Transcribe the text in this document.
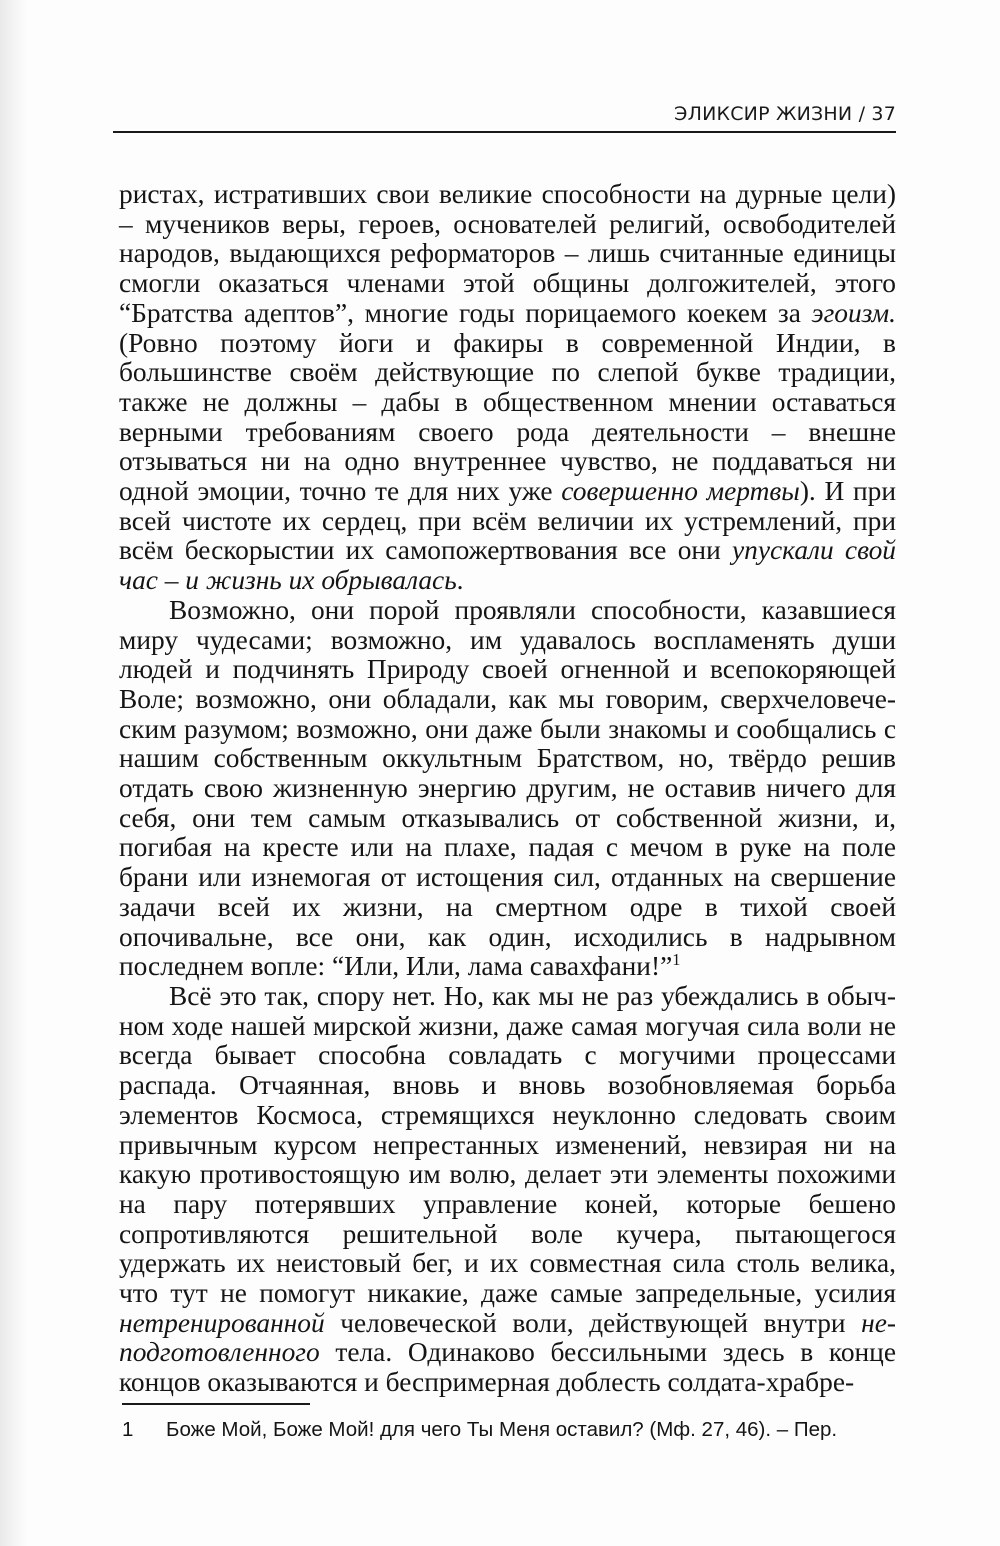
ЭЛИКСИР ЖИЗНИ / 37

ристах, истративших свои великие способности на дурные цели) – мучеников веры, героев, основателей религий, освободителей народов, выдающихся реформаторов – лишь считанные единицы смогли оказаться членами этой общины долгожителей, этого “Братства адептов”, многие годы порицаемого коекем за эгоизм. (Ровно поэтому йоги и факиры в современной Индии, в большинстве своём действующие по слепой букве традиции, также не должны – дабы в общественном мнении оставаться верными требованиям своего рода деятельности – внешне отзываться ни на одно внутреннее чувство, не поддаваться ни одной эмоции, точно те для них уже совершенно мертвы). И при всей чистоте их сердец, при всём величии их устремлений, при всём бескорыстии их самопожертвования все они упускали свой час – и жизнь их обрывалась.

Возможно, они порой проявляли способности, казавшиеся миру чудесами; возможно, им удавалось воспламенять души людей и подчинять Природу своей огненной и всепокоряющей Воле; возможно, они обладали, как мы говорим, сверхчеловеческим разумом; возможно, они даже были знакомы и сообщались с нашим собственным оккультным Братством, но, твёрдо решив отдать свою жизненную энергию другим, не оставив ничего для себя, они тем самым отказывались от собственной жизни, и, погибая на кресте или на плахе, падая с мечом в руке на поле брани или изнемогая от истощения сил, отданных на свершение задачи всей их жизни, на смертном одре в тихой своей опочивальне, все они, как один, исходились в надрывном последнем вопле: “Или, Или, лама савахфани!”$^1$

Всё это так, спору нет. Но, как мы не раз убеждались в обычном ходе нашей мирской жизни, даже самая могучая сила воли не всегда бывает способна совладать с могучими процессами распада. Отчаянная, вновь и вновь возобновляемая борьба элементов Космоса, стремящихся неуклонно следовать своим привычным курсом непрестанных изменений, невзирая ни на какую противостоящую им волю, делает эти элементы похожими на пару потерявших управление коней, которые бешено сопротивляются решительной воле кучера, пытающегося удержать их неистовый бег, и их совместная сила столь велика, что тут не помогут никакие, даже самые запредельные, усилия нетренированной человеческой воли, действующей внутри неподготовленного тела. Одинаково бессильными здесь в конце концов оказываются и беспримерная доблесть солдата-храбре-

1 Боже Мой, Боже Мой! для чего Ты Меня оставил? (Мф. 27, 46). – Пер.
